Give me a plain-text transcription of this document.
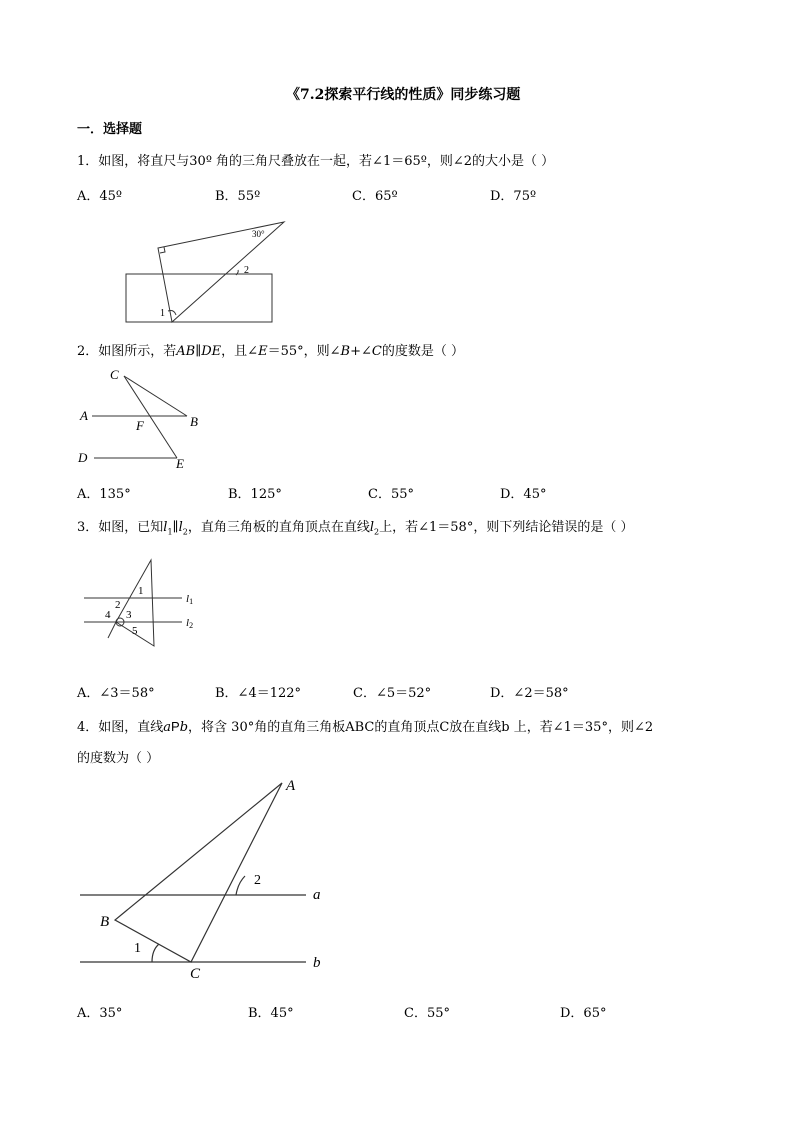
《7.2探索平行线的性质》同步练习题
一．选择题
1．如图，将直尺与30º 角的三角尺叠放在一起，若∠1＝65º，则∠2的大小是（ ）
A．45º	B．55º	C．65º	D．75º
30°
1
2
2．如图所示，若AB∥DE，且∠E＝55°，则∠B+∠C的度数是（ ）
C
A	B
F
D	E
A．135°	B．125°	C．55°	D．45°
3．如图，已知$l_1\parallel l_2$，直角三角板的直角顶点在直线$l_2$上，若∠1＝58°，则下列结论错误的是（ ）
1
2
3
4
5
l1
l2
A．∠3＝58°	B．∠4＝122°	C．∠5＝52°	D．∠2＝58°
4．如图，直线aPb，将含 30°角的直角三角板ABC的直角顶点C放在直线b 上，若∠1＝35°，则∠2
的度数为（ ）
A
B
C
a
b
1
2
A．35°	B．45°	C．55°	D．65°
